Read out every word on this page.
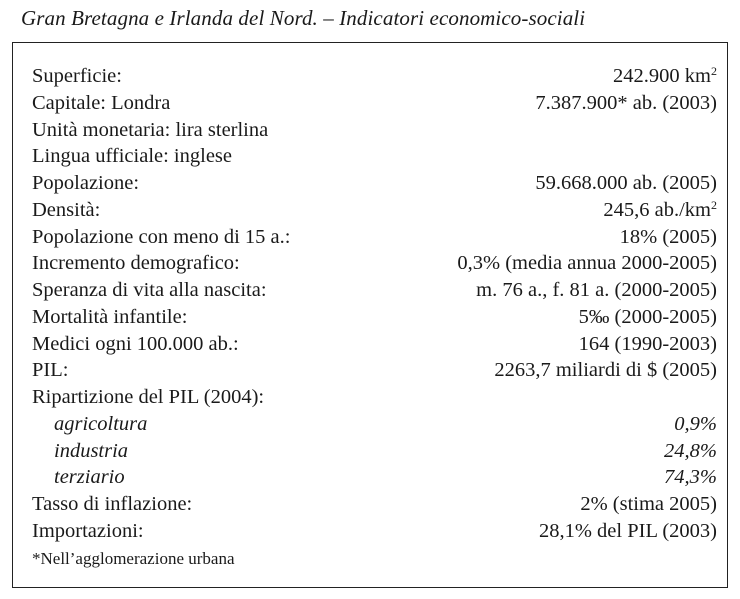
Gran Bretagna e Irlanda del Nord. – Indicatori economico-sociali
Superficie:	242.900 $km^2$
Capitale: Londra	7.387.900* ab. (2003)
Unità monetaria: lira sterlina
Lingua ufficiale: inglese
Popolazione:	59.668.000 ab. (2005)
Densità:	245,6 $ab./km^2$
Popolazione con meno di 15 a.:	18% (2005)
Incremento demografico:	0,3% (media annua 2000-2005)
Speranza di vita alla nascita:	m. 76 a., f. 81 a. (2000-2005)
Mortalità infantile:	5‰ (2000-2005)
Medici ogni 100.000 ab.:	164 (1990-2003)
PIL:	2263,7 miliardi di $ (2005)
Ripartizione del PIL (2004):
agricoltura	0,9%
industria	24,8%
terziario	74,3%
Tasso di inflazione:	2% (stima 2005)
Importazioni:	28,1% del PIL (2003)
*Nell’agglomerazione urbana
